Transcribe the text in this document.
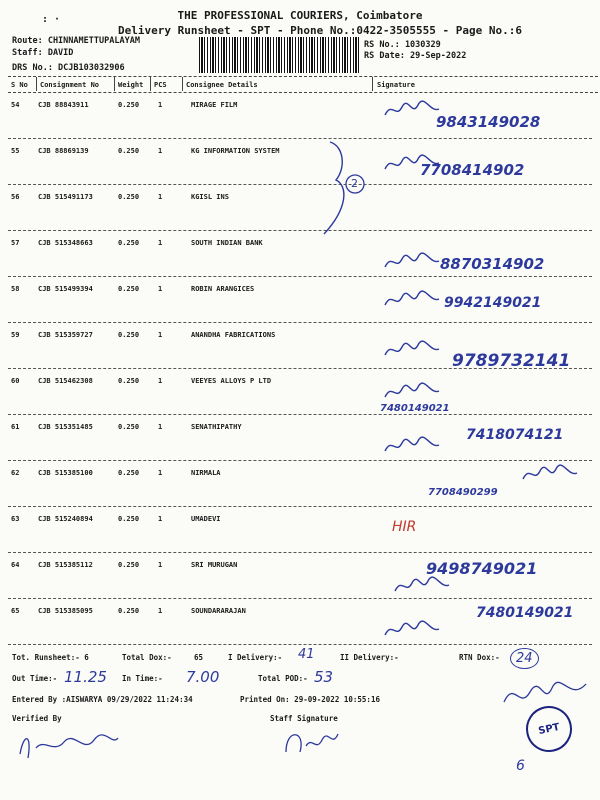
: ·	THE PROFESSIONAL COURIERS, Coimbatore
Delivery Runsheet - SPT - Phone No.:0422-3505555 - Page No.:6
Route: CHINNAMETTUPALAYAM
Staff: DAVID
DRS No.: DCJB103032906
RS No.: 1030329
RS Date: 29-Sep-2022
S No Consignment No	Weight PCS	Consignee Details	Signature
54	CJB 88843911	0.250	1	MIRAGE FILM
9843149028
55	CJB 88869139	0.250	1	KG INFORMATION SYSTEM
7708414902
56	CJB 515491173	0.250	1	KGISL INS
57	CJB 515348663	0.250	1	SOUTH INDIAN BANK
8870314902
58	CJB 515499394	0.250	1	ROBIN ARANGICES
9942149021
59	CJB 515359727	0.250	1	ANANDHA FABRICATIONS
9789732141
60	CJB 515462308	0.250	1	VEEYES ALLOYS P LTD
7480149021
61	CJB 515351485	0.250	1	SENATHIPATHY	7418074121
62	CJB 515385100	0.250	1	NIRMALA
7708490299
63	CJB 515240894	0.250	1	UMADEVI
64	CJB 515385112	0.250	1	SRI MURUGAN	9498749021
65	CJB 515385095	0.250	1	SOUNDARARAJAN	7480149021
2
HIR
Tot. Runsheet:- 6	Total Dox:-	65	I Delivery:- 41	II Delivery:-	RTN Dox:-	24
Out Time:- 11.25 In Time:- 7.00	Total POD:- 53
Entered By :AISWARYA 09/29/2022 11:24:34	Printed On: 29-09-2022 10:55:16
Verified By	Staff Signature
SPT
6
